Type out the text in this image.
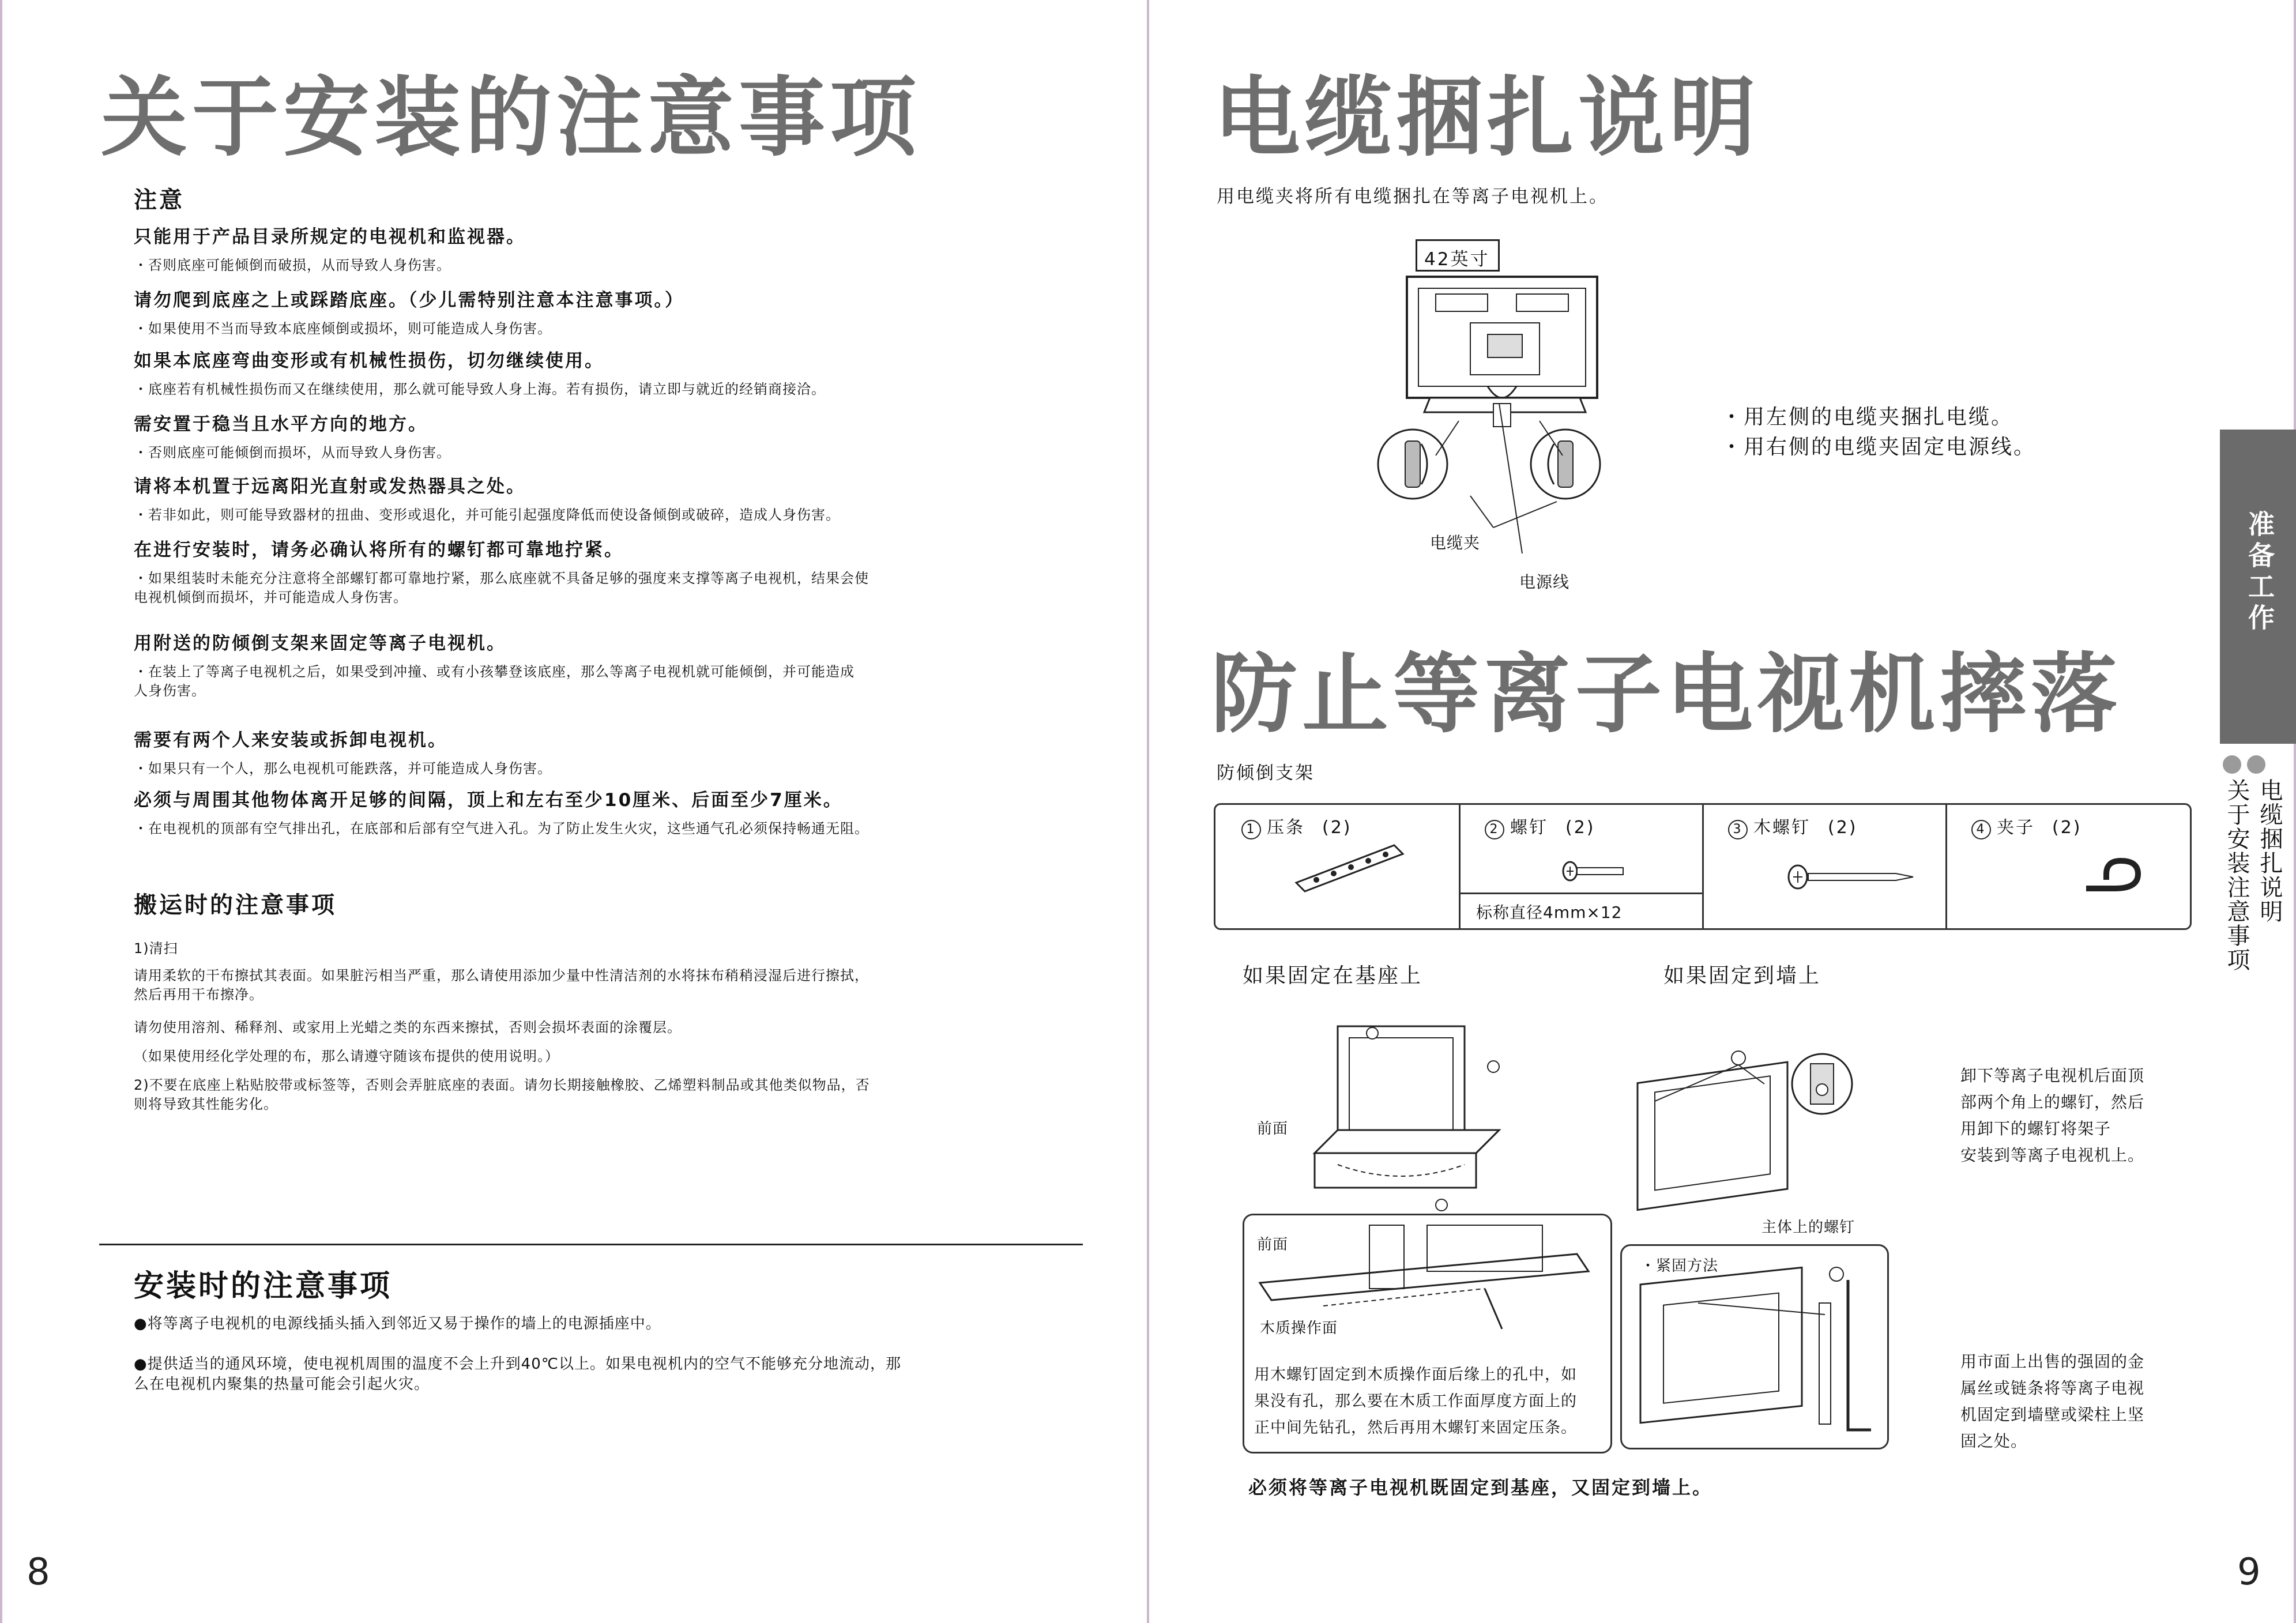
关于安装的注意事项
注意
只能用于产品目录所规定的电视机和监视器。
・否则底座可能倾倒而破损，从而导致人身伤害。
请勿爬到底座之上或踩踏底座。（少儿需特别注意本注意事项。）
・如果使用不当而导致本底座倾倒或损坏，则可能造成人身伤害。
如果本底座弯曲变形或有机械性损伤，切勿继续使用。
・底座若有机械性损伤而又在继续使用，那么就可能导致人身上海。若有损伤，请立即与就近的经销商接洽。
需安置于稳当且水平方向的地方。
・否则底座可能倾倒而损坏，从而导致人身伤害。
请将本机置于远离阳光直射或发热器具之处。
・若非如此，则可能导致器材的扭曲、变形或退化，并可能引起强度降低而使设备倾倒或破碎，造成人身伤害。
在进行安装时，请务必确认将所有的螺钉都可靠地拧紧。
・如果组装时未能充分注意将全部螺钉都可靠地拧紧，那么底座就不具备足够的强度来支撑等离子电视机，结果会使
电视机倾倒而损坏，并可能造成人身伤害。
用附送的防倾倒支架来固定等离子电视机。
・在装上了等离子电视机之后，如果受到冲撞、或有小孩攀登该底座，那么等离子电视机就可能倾倒，并可能造成
人身伤害。
需要有两个人来安装或拆卸电视机。
・如果只有一个人，那么电视机可能跌落，并可能造成人身伤害。
必须与周围其他物体离开足够的间隔，顶上和左右至少10厘米、后面至少7厘米。
・在电视机的顶部有空气排出孔，在底部和后部有空气进入孔。为了防止发生火灾，这些通气孔必须保持畅通无阻。
搬运时的注意事项
1)清扫
请用柔软的干布擦拭其表面。如果脏污相当严重，那么请使用添加少量中性清洁剂的水将抹布稍稍浸湿后进行擦拭，
然后再用干布擦净。
请勿使用溶剂、稀释剂、或家用上光蜡之类的东西来擦拭，否则会损坏表面的涂覆层。
（如果使用经化学处理的布，那么请遵守随该布提供的使用说明。）
2)不要在底座上粘贴胶带或标签等，否则会弄脏底座的表面。请勿长期接触橡胶、乙烯塑料制品或其他类似物品，否
则将导致其性能劣化。
安装时的注意事项
●将等离子电视机的电源线插头插入到邻近又易于操作的墙上的电源插座中。
●提供适当的通风环境，使电视机周围的温度不会上升到40℃以上。如果电视机内的空气不能够充分地流动，那
么在电视机内聚集的热量可能会引起火灾。
8
电缆捆扎说明
用电缆夹将所有电缆捆扎在等离子电视机上。
42英寸
电缆夹
电源线
・用左侧的电缆夹捆扎电缆。
・用右侧的电缆夹固定电源线。
防止等离子电视机摔落
防倾倒支架
标称直径4mm×12
1 压条 (2)	2 螺钉 (2)	3 木螺钉 (2)	4 夹子 (2)
如果固定在基座上	如果固定到墙上
前面
前面
木质操作面
用木螺钉固定到木质操作面后缘上的孔中，如
果没有孔，那么要在木质工作面厚度方面上的
正中间先钻孔，然后再用木螺钉来固定压条。
主体上的螺钉
・紧固方法
卸下等离子电视机后面顶
部两个角上的螺钉，然后
用卸下的螺钉将架子
安装到等离子电视机上。
用市面上出售的强固的金
属丝或链条将等离子电视
机固定到墙壁或梁柱上坚
固之处。
必须将等离子电视机既固定到基座，又固定到墙上。
9
准备工作
电缆捆扎说明
关于安装注意事项
